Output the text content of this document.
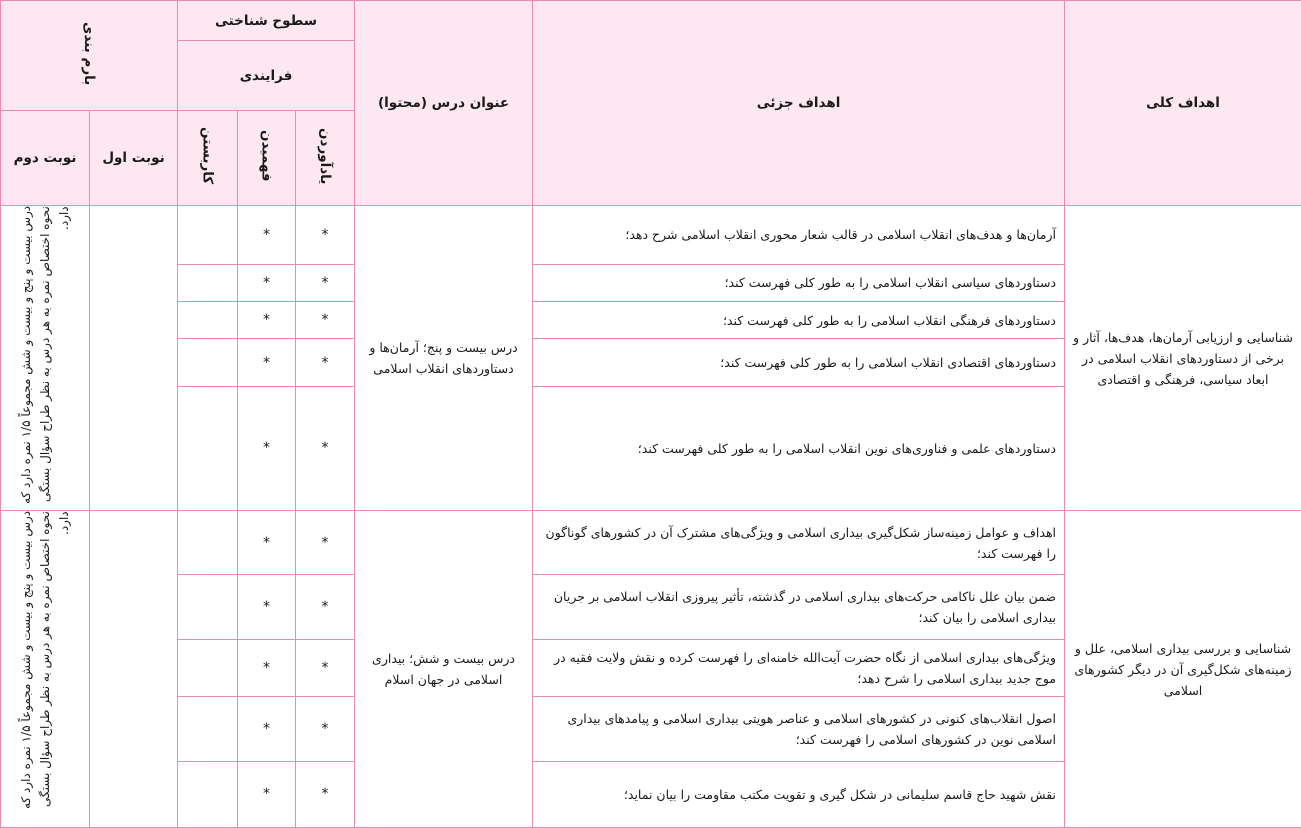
بارم بندی		سطوح شناختی			عنوان درس (محتوا)	اهداف جزئی	اهداف کلی
		فرایندی					
نوبت دوم	نوبت اول	کاربستن	فهمیدن	یادآوردن			
درس بیست و پنج و بیست و شش مجموعاً ۱/۵ نمره دارد که نحوه اختصاص نمره به هر درس به نظر طراح سؤال بستگی دارد.			*	*	درس بیست و پنج؛ آرمان‌ها و دستاوردهای انقلاب اسلامی	آرمان‌ها و هدف‌های انقلاب اسلامی در قالب شعار محوری انقلاب اسلامی شرح دهد؛	شناسایی و ارزیابی آرمان‌ها، هدف‌ها، آثار و برخی از دستاوردهای انقلاب اسلامی در ابعاد سیاسی، فرهنگی و اقتصادی
			*	*		دستاوردهای سیاسی انقلاب اسلامی را به طور کلی فهرست کند؛	
			*	*		دستاوردهای فرهنگی انقلاب اسلامی را به طور کلی فهرست کند؛	
			*	*		دستاوردهای اقتصادی انقلاب اسلامی را به طور کلی فهرست کند؛	
			*	*		دستاوردهای علمی و فناوری‌های نوین انقلاب اسلامی را به طور کلی فهرست کند؛	
درس بیست و پنج و بیست و شش مجموعاً ۱/۵ نمره دارد که نحوه اختصاص نمره به هر درس به نظر طراح سؤال بستگی دارد.			*	*	درس بیست و شش؛ بیداری اسلامی در جهان اسلام	اهداف و عوامل زمینه‌ساز شکل‌گیری بیداری اسلامی و ویژگی‌های مشترک آن در کشورهای گوناگون را فهرست کند؛	شناسایی و بررسی بیداری اسلامی، علل و زمینه‌های شکل‌گیری آن در دیگر کشورهای اسلامی
			*	*		ضمن بیان علل ناکامی حرکت‌های بیداری اسلامی در گذشته، تأثیر پیروزی انقلاب اسلامی بر جریان بیداری اسلامی را بیان کند؛	
			*	*		ویژگی‌های بیداری اسلامی از نگاه حضرت آیت‌الله خامنه‌ای را فهرست کرده و نقش ولایت فقیه در موج جدید بیداری اسلامی را شرح دهد؛	
			*	*		اصول انقلاب‌های کنونی در کشورهای اسلامی و عناصر هویتی بیداری اسلامی و پیامدهای بیداری اسلامی نوین در کشورهای اسلامی را فهرست کند؛	
			*	*		نقش شهید حاج قاسم سلیمانی در شکل گیری و تقویت مکتب مقاومت را بیان نماید؛	
